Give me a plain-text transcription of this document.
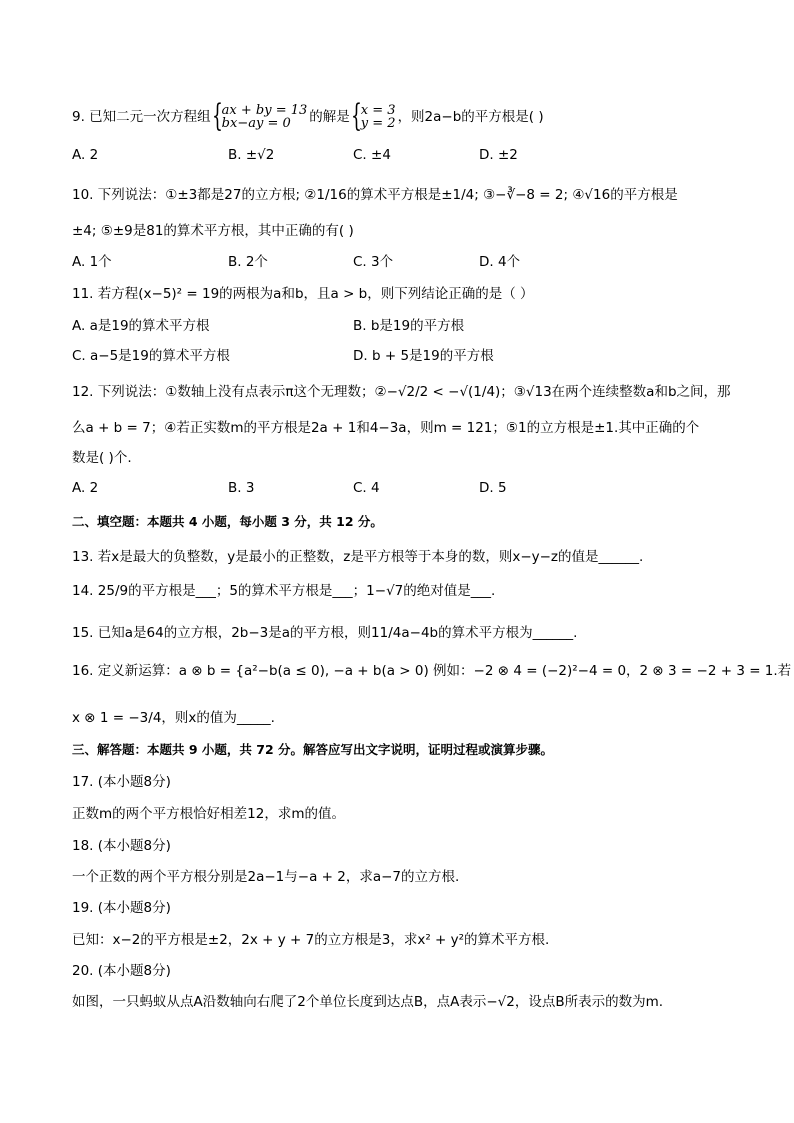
9. 已知二元一次方程组 { ax + by = 13
bx−ay = 0	的解是 { x = 3
y = 2 ，则2a−b的平方根是( )
A. 2	B. ±√2	C. ±4	D. ±2
10. 下列说法：①±3都是27的立方根; ②1/16的算术平方根是±1/4; ③−∛−8 = 2; ④√16的平方根是
±4; ⑤±9是81的算术平方根，其中正确的有( )
A. 1个	B. 2个	C. 3个	D. 4个
11. 若方程(x−5)² = 19的两根为a和b，且a > b，则下列结论正确的是（ ）
A. a是19的算术平方根	B. b是19的平方根
C. a−5是19的算术平方根	D. b + 5是19的平方根
12. 下列说法：①数轴上没有点表示π这个无理数；②−√2/2 < −√(1/4)；③√13在两个连续整数a和b之间，那
么a + b = 7；④若正实数m的平方根是2a + 1和4−3a，则m = 121；⑤1的立方根是±1.其中正确的个
数是( )个.
A. 2	B. 3	C. 4	D. 5
二、填空题：本题共 4 小题，每小题 3 分，共 12 分。
13. 若x是最大的负整数，y是最小的正整数，z是平方根等于本身的数，则x−y−z的值是______.
14. 25/9的平方根是___；5的算术平方根是___；1−√7的绝对值是___.
15. 已知a是64的立方根，2b−3是a的平方根，则11/4a−4b的算术平方根为______.
16. 定义新运算：a ⊗ b = {a²−b(a ≤ 0), −a + b(a > 0) 例如：−2 ⊗ 4 = (−2)²−4 = 0，2 ⊗ 3 = −2 + 3 = 1.若
x ⊗ 1 = −3/4，则x的值为_____.
三、解答题：本题共 9 小题，共 72 分。解答应写出文字说明，证明过程或演算步骤。
17. (本小题8分)
正数m的两个平方根恰好相差12，求m的值。
18. (本小题8分)
一个正数的两个平方根分别是2a−1与−a + 2，求a−7的立方根.
19. (本小题8分)
已知：x−2的平方根是±2，2x + y + 7的立方根是3，求x² + y²的算术平方根.
20. (本小题8分)
如图，一只蚂蚁从点A沿数轴向右爬了2个单位长度到达点B，点A表示−√2，设点B所表示的数为m.
